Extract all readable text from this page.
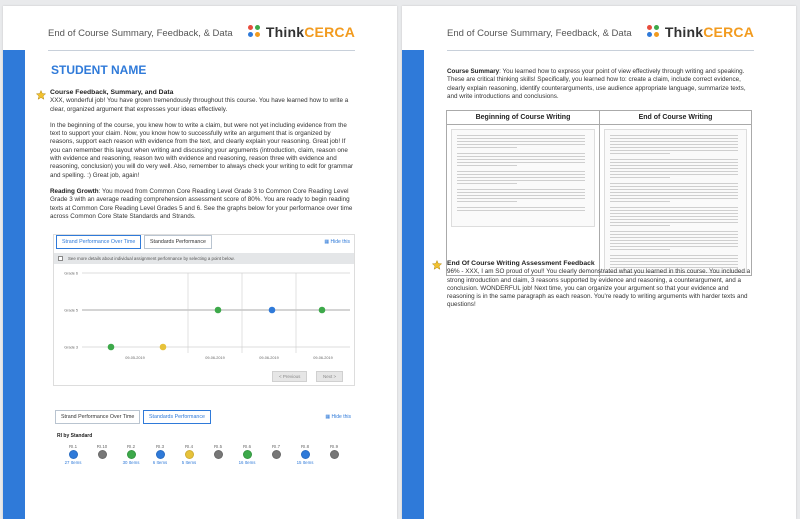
End of Course Summary, Feedback, & Data ThinkCERCA
STUDENT NAME
Course Feedback, Summary, and Data

XXX, wonderful job! You have grown tremendously throughout this course. You have learned how to write a clear, organized argument that expresses your ideas effectively.

In the beginning of the course, you knew how to write a claim, but were not yet including evidence from the text to support your claim. Now, you know how to successfully write an argument that is organized by reasons, support each reason with evidence from the text, and clearly explain your reasoning. Great job! If you can remember this layout when writing and discussing your arguments (introduction, claim, reason one with evidence and reasoning, reason two with evidence and reasoning, reason three with evidence and reasoning, conclusion) you will do very well. Also, remember to always check your writing to edit for grammar and spelling. :) Great job, again!

Reading Growth: You moved from Common Core Reading Level Grade 3 to Common Core Reading Level Grade 3 with an average reading comprehension assessment score of 80%. You are ready to begin reading texts at Common Core Reading Level Grades 5 and 6. See the graphs below for your performance over time across Common Core State Standards and Strands.

Strand Performance Over Time	Standards Performance	▦ Hide this
See more details about individual assignment performance by selecting a point below.
Grade 3
Grade 5
Grade 6
09-05-2019	09-06-2019	09-06-2019	09-06-2019
< Previous	Next >
Strand Performance Over Time	Standards Performance	▦ Hide this
RI by Standard
RI.1
27 Items
RI.10	RI.2
30 Items
RI.3
6 Items
RI.4
5 Items
RI.5	RI.6
16 Items
RI.7	RI.8
15 Items
RI.9
End of Course Summary, Feedback, & Data ThinkCERCA

Course Summary: You learned how to express your point of view effectively through writing and speaking. These are critical thinking skills! Specifically, you learned how to: create a claim, include correct evidence, clearly explain reasoning, identify counterarguments, use audience appropriate language, summarize texts, and write introductions and conclusions.

Beginning of Course Writing	End of Course Writing
End Of Course Writing Assessment Feedback

96% - XXX, I am SO proud of you!! You clearly demonstrated what you learned in this course. You included a strong introduction and claim, 3 reasons supported by evidence and reasoning, a counterargument, and a conclusion. WONDERFUL job! Next time, you can organize your argument so that your evidence and reasoning is in the same paragraph as each reason. You're ready to writing arguments with harder texts and questions!
